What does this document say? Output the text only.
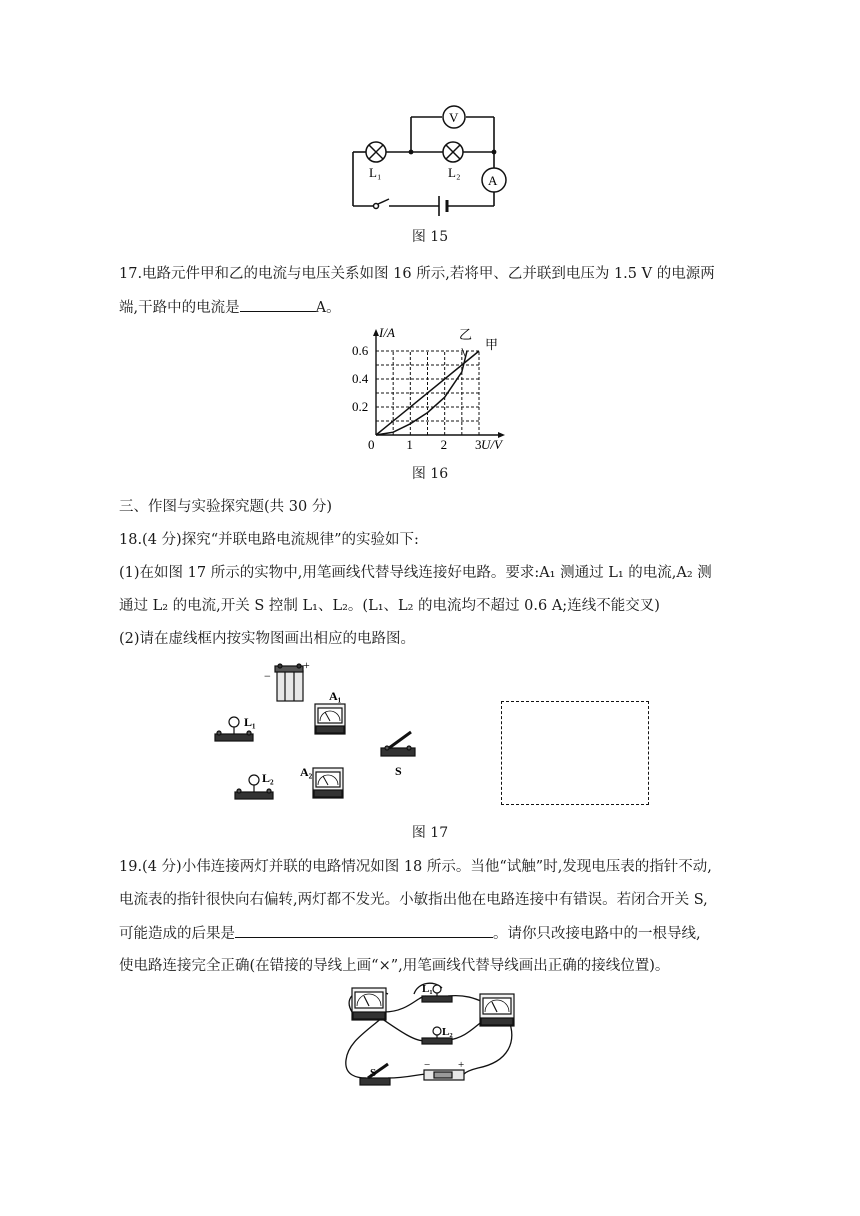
L₁	L₂
V
A
图 15
17.电路元件甲和乙的电流与电压关系如图 16 所示,若将甲、乙并联到电压为 1.5 V 的电源两
端,干路中的电流是	A。
甲
乙
0 1 2 3
0.2
0.4
0.6
U/V
I/A
图 16
三、作图与实验探究题(共 30 分)
18.(4 分)探究“并联电路电流规律”的实验如下:
(1)在如图 17 所示的实物中,用笔画线代替导线连接好电路。要求:A₁ 测通过 L₁ 的电流,A₂ 测
通过 L₂ 的电流,开关 S 控制 L₁、L₂。(L₁、L₂ 的电流均不超过 0.6 A;连线不能交叉)
(2)请在虚线框内按实物图画出相应的电路图。
+
−
A₁
L₁
S
L₂ A₂
图 17
19.(4 分)小伟连接两灯并联的电路情况如图 18 所示。当他“试触”时,发现电压表的指针不动,
电流表的指针很快向右偏转,两灯都不发光。小敏指出他在电路连接中有错误。若闭合开关 S,
可能造成的后果是	。请你只改接电路中的一根导线,
使电路连接完全正确(在错接的导线上画“×”,用笔画线代替导线画出正确的接线位置)。
L₁
L₂
S
−	+
